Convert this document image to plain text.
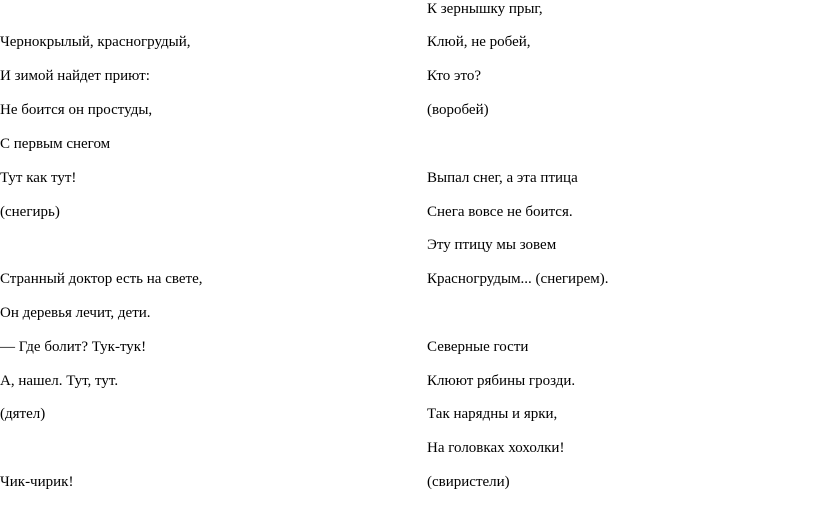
Чернокрылый, красногрудый,
И зимой найдет приют:
Не боится он простуды,
С первым снегом
Тут как тут!
(снегирь)
Странный доктор есть на свете,
Он деревья лечит, дети.
— Где болит? Тук-тук!
А, нашел. Тут, тут.
(дятел)
Чик-чирик!
К зернышку прыг,
Клюй, не робей,
Кто это?
(воробей)
Выпал снег, а эта птица
Снега вовсе не боится.
Эту птицу мы зовем
Красногрудым... (снегирем).
Северные гости
Клюют рябины грозди.
Так нарядны и ярки,
На головках хохолки!
(свиристели)
